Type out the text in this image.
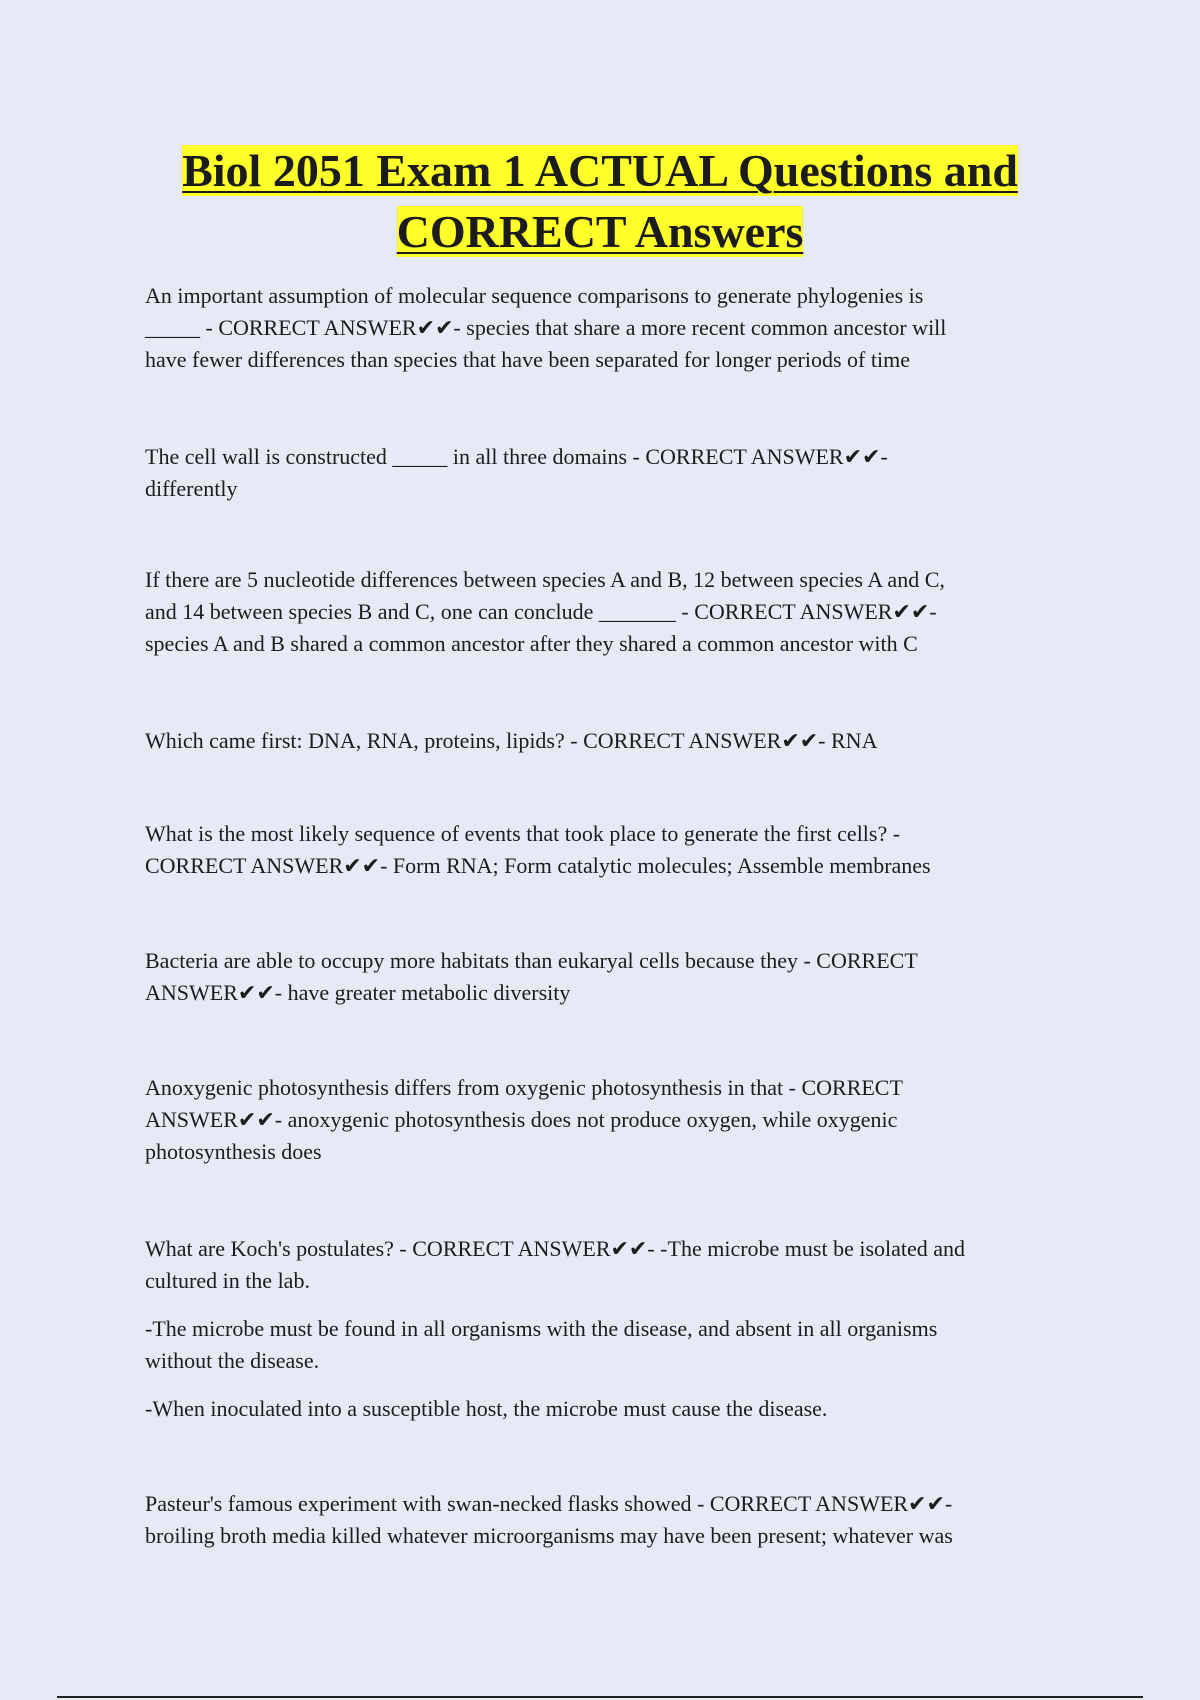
Biol 2051 Exam 1 ACTUAL Questions and
CORRECT Answers

An important assumption of molecular sequence comparisons to generate phylogenies is
_____ - CORRECT ANSWER✔✔- species that share a more recent common ancestor will
have fewer differences than species that have been separated for longer periods of time

The cell wall is constructed _____ in all three domains - CORRECT ANSWER✔✔-
differently

If there are 5 nucleotide differences between species A and B, 12 between species A and C,
and 14 between species B and C, one can conclude _______ - CORRECT ANSWER✔✔-
species A and B shared a common ancestor after they shared a common ancestor with C

Which came first: DNA, RNA, proteins, lipids? - CORRECT ANSWER✔✔- RNA

What is the most likely sequence of events that took place to generate the first cells? -
CORRECT ANSWER✔✔- Form RNA; Form catalytic molecules; Assemble membranes

Bacteria are able to occupy more habitats than eukaryal cells because they - CORRECT
ANSWER✔✔- have greater metabolic diversity

Anoxygenic photosynthesis differs from oxygenic photosynthesis in that - CORRECT
ANSWER✔✔- anoxygenic photosynthesis does not produce oxygen, while oxygenic
photosynthesis does

What are Koch's postulates? - CORRECT ANSWER✔✔- -The microbe must be isolated and
cultured in the lab.

-The microbe must be found in all organisms with the disease, and absent in all organisms
without the disease.

-When inoculated into a susceptible host, the microbe must cause the disease.

Pasteur's famous experiment with swan-necked flasks showed - CORRECT ANSWER✔✔-
broiling broth media killed whatever microorganisms may have been present; whatever was
